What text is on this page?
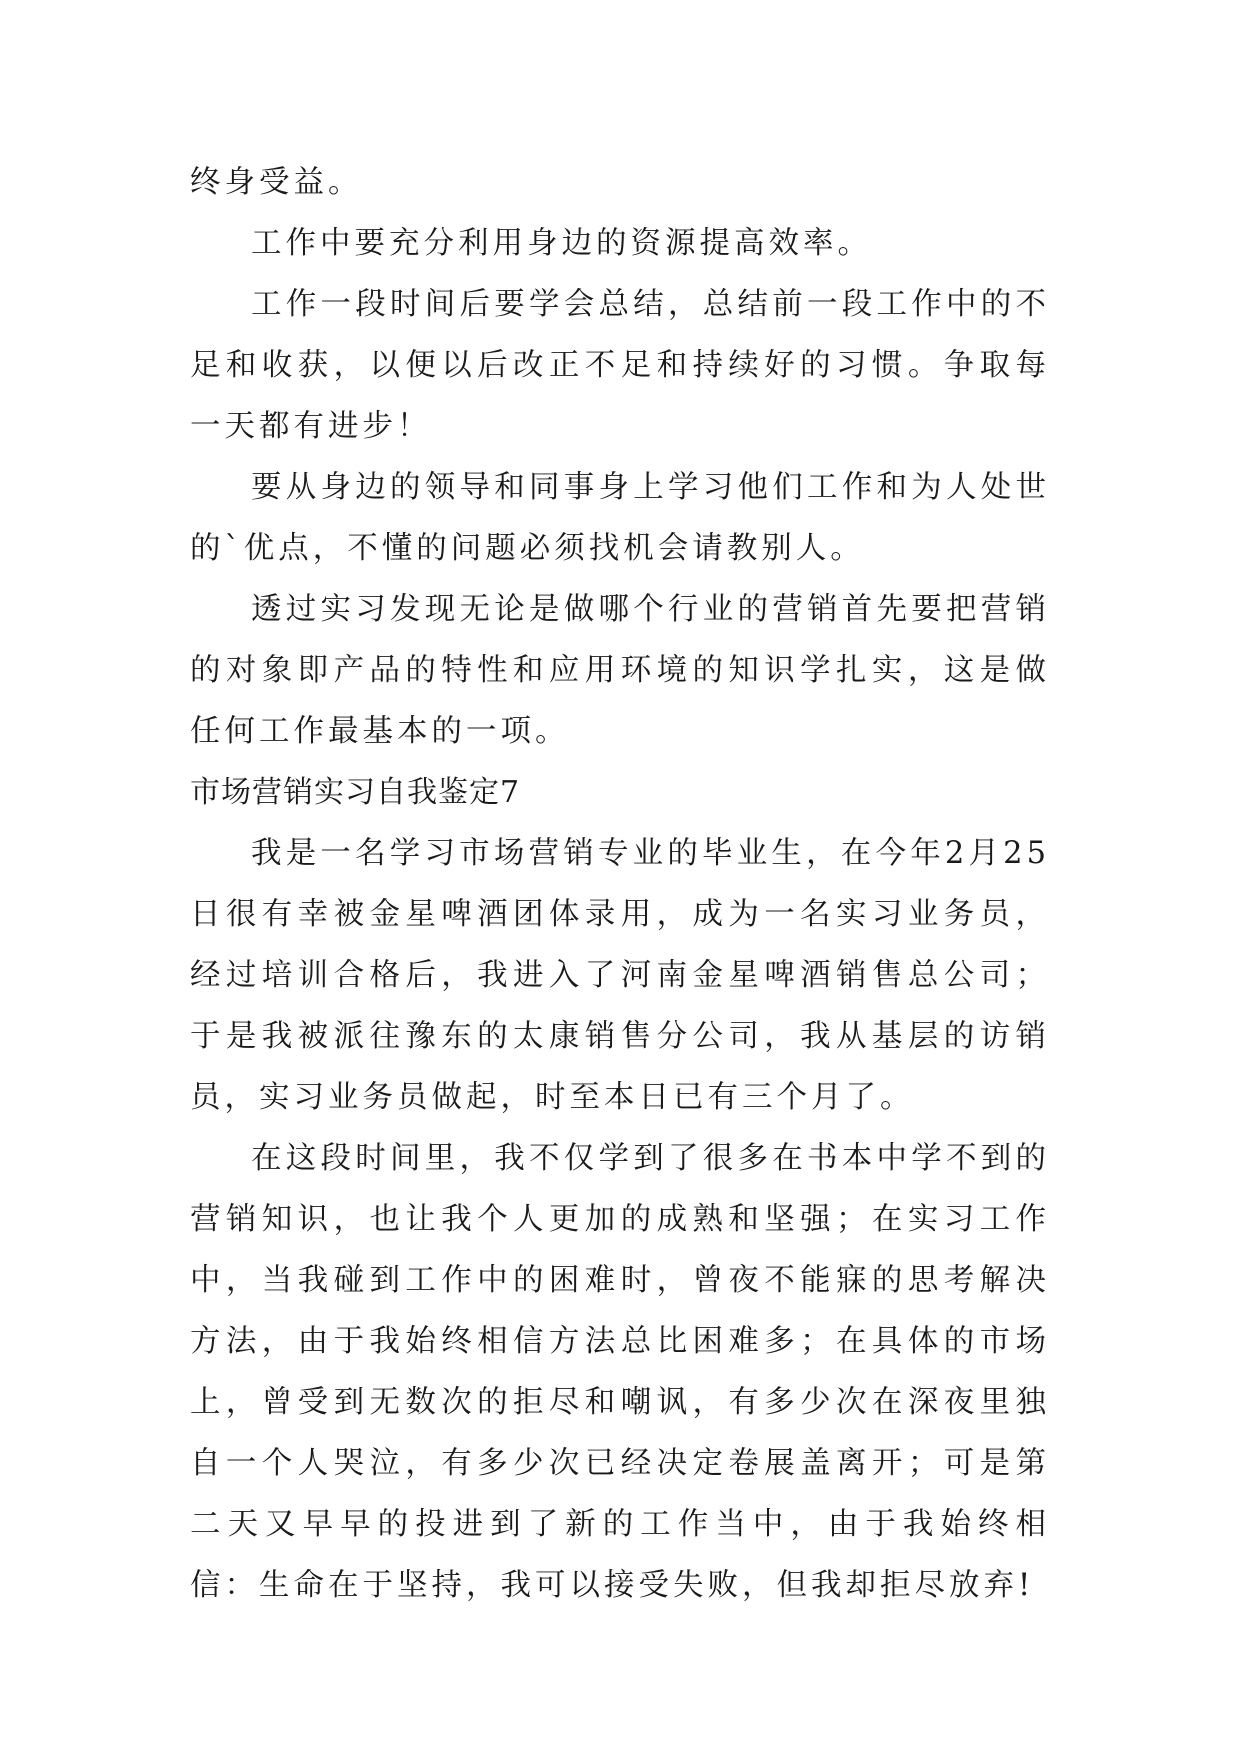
终身受益。

工作中要充分利用身边的资源提高效率。

工作一段时间后要学会总结，总结前一段工作中的不足和收获，以便以后改正不足和持续好的习惯。争取每一天都有进步！

要从身边的领导和同事身上学习他们工作和为人处世的`优点，不懂的问题必须找机会请教别人。

透过实习发现无论是做哪个行业的营销首先要把营销的对象即产品的特性和应用环境的知识学扎实，这是做任何工作最基本的一项。

市场营销实习自我鉴定7

我是一名学习市场营销专业的毕业生，在今年2月25日很有幸被金星啤酒团体录用，成为一名实习业务员，经过培训合格后，我进入了河南金星啤酒销售总公司；于是我被派往豫东的太康销售分公司，我从基层的访销员，实习业务员做起，时至本日已有三个月了。

在这段时间里，我不仅学到了很多在书本中学不到的营销知识，也让我个人更加的成熟和坚强；在实习工作中，当我碰到工作中的困难时，曾夜不能寐的思考解决方法，由于我始终相信方法总比困难多；在具体的市场上，曾受到无数次的拒尽和嘲讽，有多少次在深夜里独自一个人哭泣，有多少次已经决定卷展盖离开；可是第二天又早早的投进到了新的工作当中，由于我始终相信：生命在于坚持，我可以接受失败，但我却拒尽放弃!
